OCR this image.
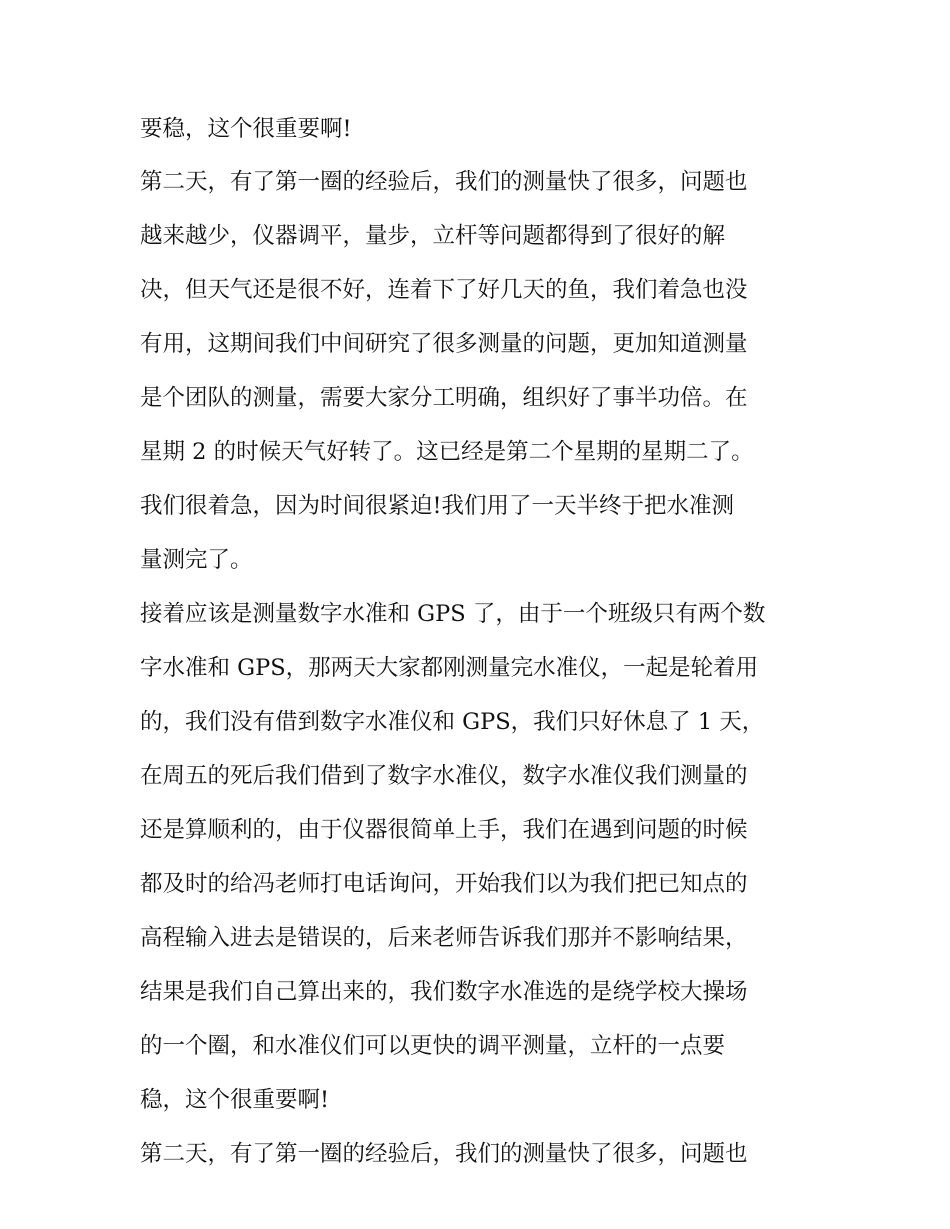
要稳，这个很重要啊!
第二天，有了第一圈的经验后，我们的测量快了很多，问题也
越来越少，仪器调平，量步，立杆等问题都得到了很好的解
决，但天气还是很不好，连着下了好几天的鱼，我们着急也没
有用，这期间我们中间研究了很多测量的问题，更加知道测量
是个团队的测量，需要大家分工明确，组织好了事半功倍。在
星期 2 的时候天气好转了。这已经是第二个星期的星期二了。
我们很着急，因为时间很紧迫!我们用了一天半终于把水准测
量测完了。
接着应该是测量数字水准和 GPS 了，由于一个班级只有两个数
字水准和 GPS，那两天大家都刚测量完水准仪，一起是轮着用
的，我们没有借到数字水准仪和 GPS，我们只好休息了 1 天，
在周五的死后我们借到了数字水准仪，数字水准仪我们测量的
还是算顺利的，由于仪器很简单上手，我们在遇到问题的时候
都及时的给冯老师打电话询问，开始我们以为我们把已知点的
高程输入进去是错误的，后来老师告诉我们那并不影响结果，
结果是我们自己算出来的，我们数字水准选的是绕学校大操场
的一个圈，和水准仪们可以更快的调平测量，立杆的一点要
稳，这个很重要啊!
第二天，有了第一圈的经验后，我们的测量快了很多，问题也
